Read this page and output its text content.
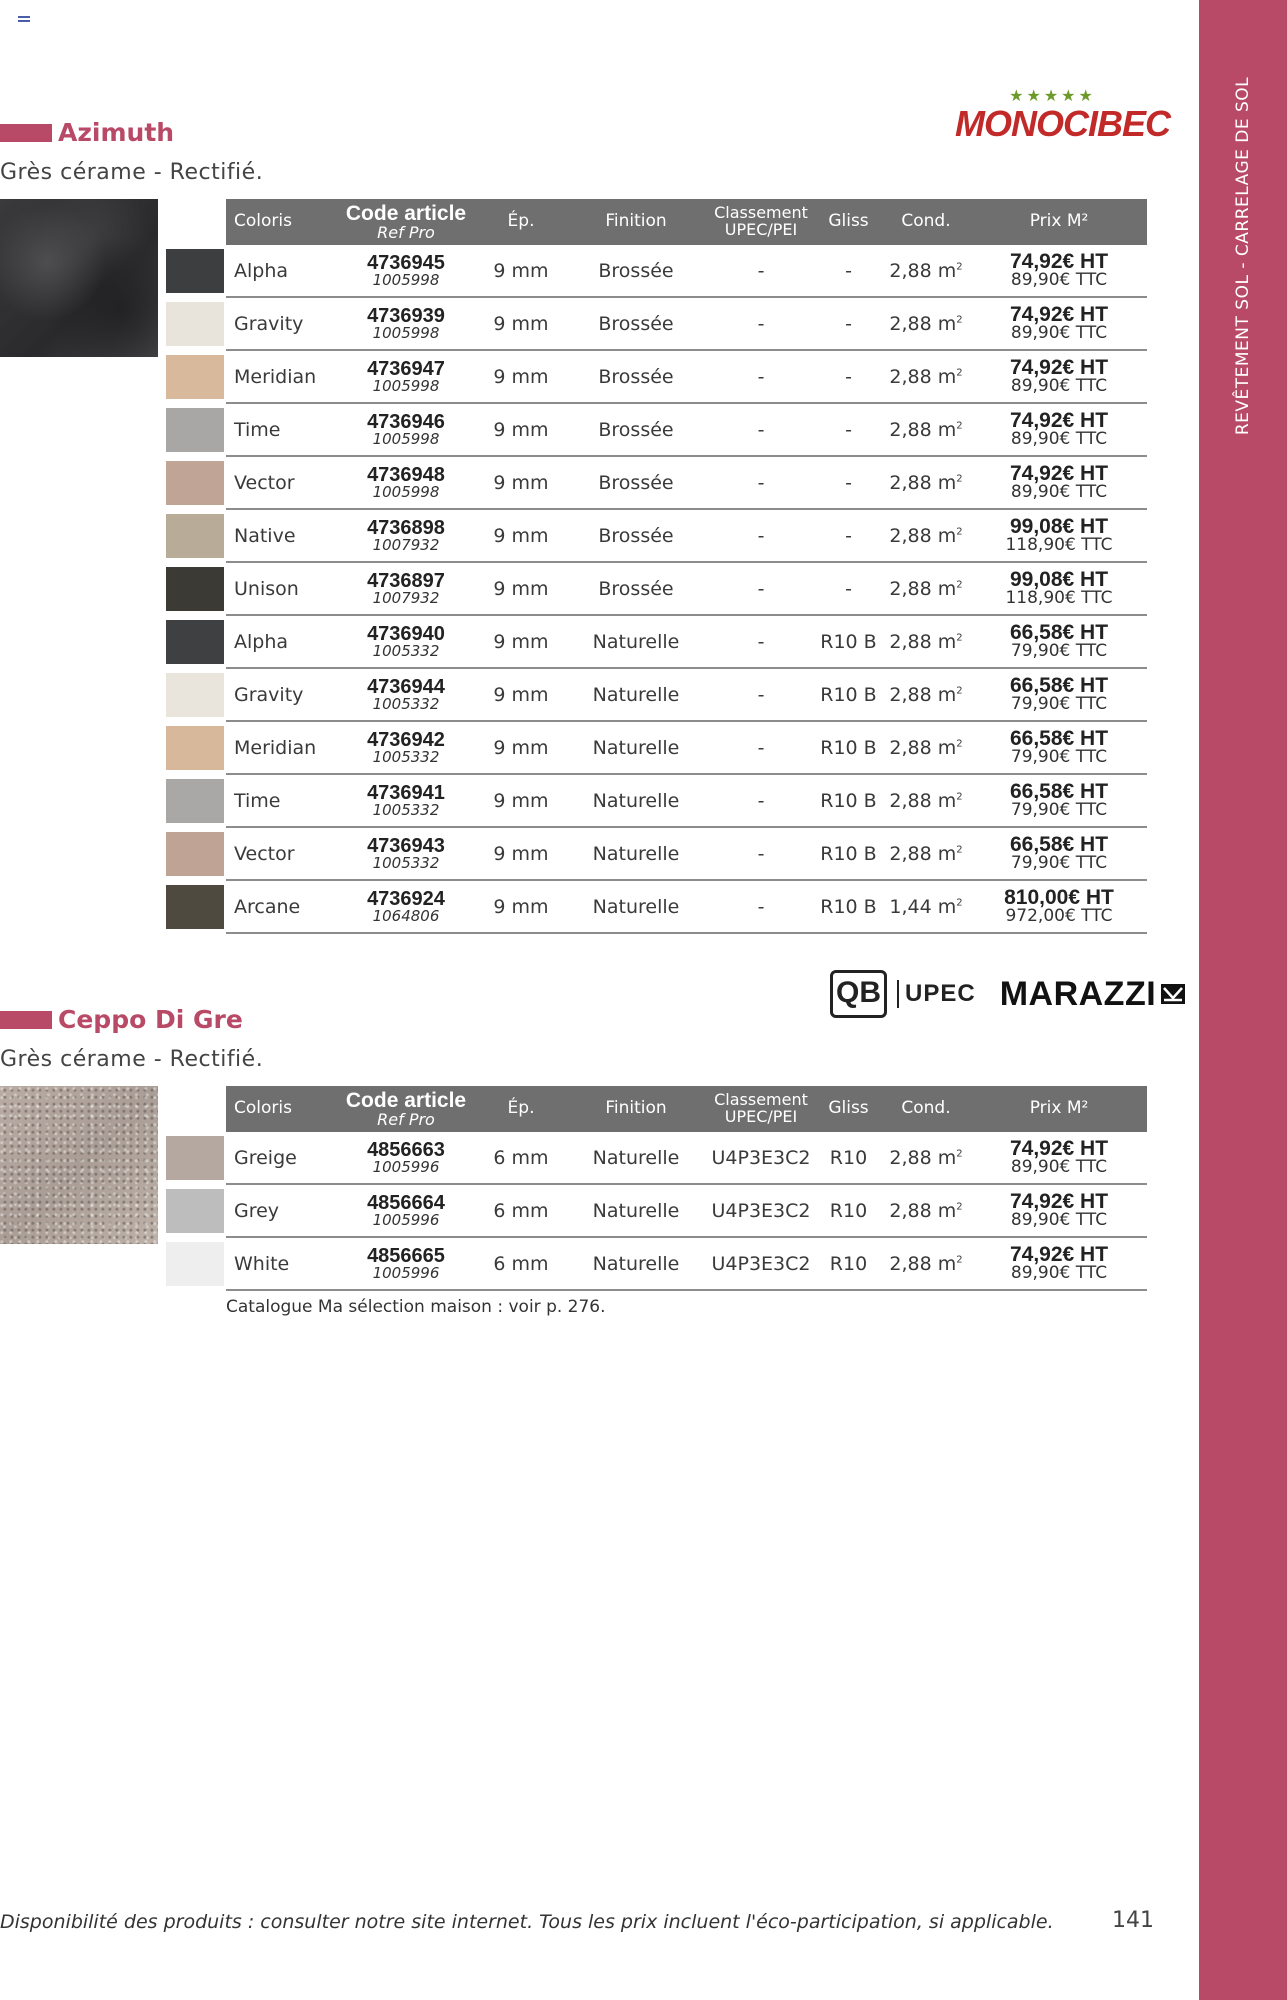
REVÊTEMENT SOL - CARRELAGE DE SOL
Azimuth
Grès cérame - Rectifié.
★★★★★
MONOCIBEC
	Coloris	Code article
Ref Pro	Ép.	Finition	Classement
UPEC/PEI	Gliss	Cond.	Prix M²
	Alpha	4736945
1005998	9 mm	Brossée	-	-	2,88 $m^2$	74,92€ HT
89,90€ TTC

	Gravity	4736939
1005998	9 mm	Brossée	-	-	2,88 $m^2$	74,92€ HT
89,90€ TTC

	Meridian	4736947
1005998	9 mm	Brossée	-	-	2,88 $m^2$	74,92€ HT
89,90€ TTC

	Time	4736946
1005998	9 mm	Brossée	-	-	2,88 $m^2$	74,92€ HT
89,90€ TTC

	Vector	4736948
1005998	9 mm	Brossée	-	-	2,88 $m^2$	74,92€ HT
89,90€ TTC

	Native	4736898
1007932	9 mm	Brossée	-	-	2,88 $m^2$	99,08€ HT
118,90€ TTC

	Unison	4736897
1007932	9 mm	Brossée	-	-	2,88 $m^2$	99,08€ HT
118,90€ TTC

	Alpha	4736940
1005332	9 mm	Naturelle	-	R10 B	2,88 $m^2$	66,58€ HT
79,90€ TTC

	Gravity	4736944
1005332	9 mm	Naturelle	-	R10 B	2,88 $m^2$	66,58€ HT
79,90€ TTC

	Meridian	4736942
1005332	9 mm	Naturelle	-	R10 B	2,88 $m^2$	66,58€ HT
79,90€ TTC

	Time	4736941
1005332	9 mm	Naturelle	-	R10 B	2,88 $m^2$	66,58€ HT
79,90€ TTC

	Vector	4736943
1005332	9 mm	Naturelle	-	R10 B	2,88 $m^2$	66,58€ HT
79,90€ TTC

	Arcane	4736924
1064806	9 mm	Naturelle	-	R10 B	1,44 $m^2$	810,00€ HT
972,00€ TTC
QB	UPEC MARAZZI
Ceppo Di Gre
Grès cérame - Rectifié.
	Coloris	Code article
Ref Pro	Ép.	Finition	Classement
UPEC/PEI	Gliss	Cond.	Prix M²
	Greige	4856663
1005996	6 mm	Naturelle	U4P3E3C2	R10	2,88 $m^2$	74,92€ HT
89,90€ TTC

	Grey	4856664
1005996	6 mm	Naturelle	U4P3E3C2	R10	2,88 $m^2$	74,92€ HT
89,90€ TTC

	White	4856665
1005996	6 mm	Naturelle	U4P3E3C2	R10	2,88 $m^2$	74,92€ HT
89,90€ TTC
Catalogue Ma sélection maison : voir p. 276.
Disponibilité des produits : consulter notre site internet. Tous les prix incluent l'éco-participation, si applicable.	141
